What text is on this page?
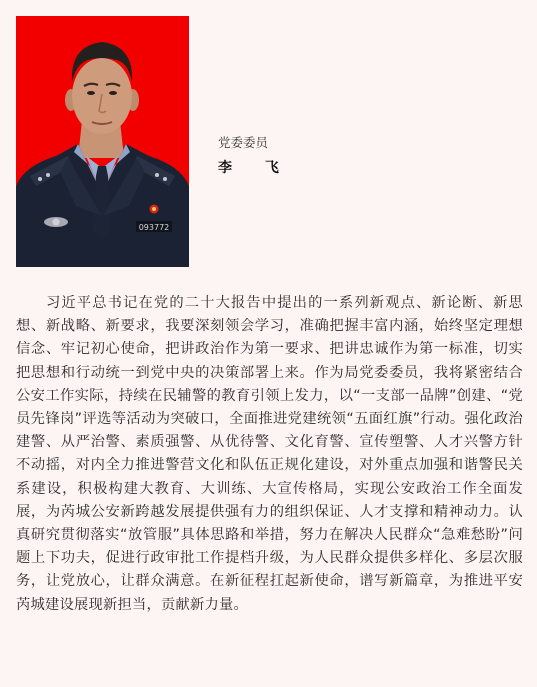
093772

党委委员

李 飞

习近平总书记在党的二十大报告中提出的一系列新观点、新论断、新思想、新战略、新要求，我要深刻领会学习，准确把握丰富内涵，始终坚定理想信念、牢记初心使命，把讲政治作为第一要求、把讲忠诚作为第一标准，切实把思想和行动统一到党中央的决策部署上来。作为局党委委员，我将紧密结合公安工作实际，持续在民辅警的教育引领上发力，以“一支部一品牌”创建、“党员先锋岗”评选等活动为突破口，全面推进党建统领“五面红旗”行动。强化政治建警、从严治警、素质强警、从优待警、文化育警、宣传塑警、人才兴警方针不动摇，对内全力推进警营文化和队伍正规化建设，对外重点加强和谐警民关系建设，积极构建大教育、大训练、大宣传格局，实现公安政治工作全面发展，为芮城公安新跨越发展提供强有力的组织保证、人才支撑和精神动力。认真研究贯彻落实“放管服”具体思路和举措，努力在解决人民群众“急难愁盼”问题上下功夫，促进行政审批工作提档升级，为人民群众提供多样化、多层次服务，让党放心，让群众满意。在新征程扛起新使命，谱写新篇章，为推进平安芮城建设展现新担当，贡献新力量。
